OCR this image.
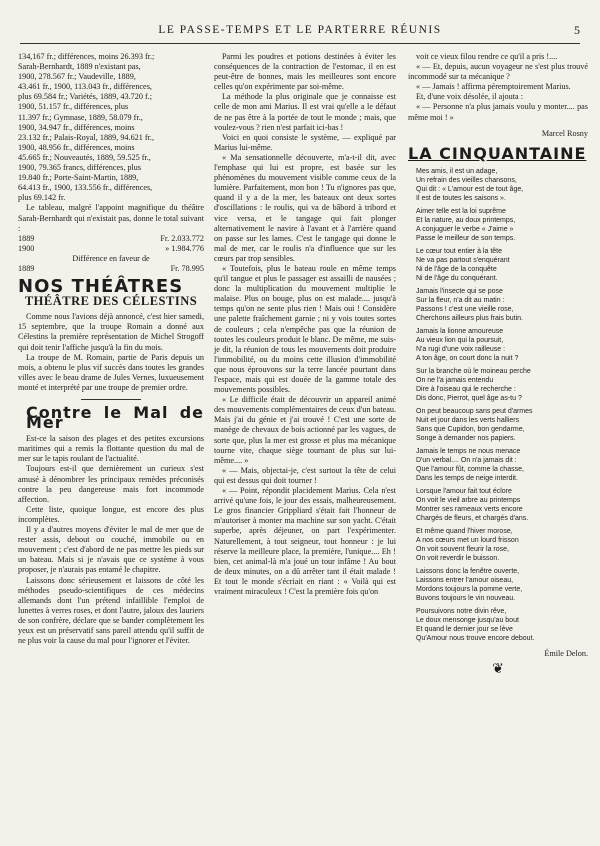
LE PASSE-TEMPS ET LE PARTERRE RÉUNIS	5

134,167 fr.; différences, moins 26.393 fr.;

Sarah-Bernhardt, 1889 n'existant pas,

1900, 278.567 fr.; Vaudeville, 1889,

43.461 fr., 1900, 113.043 fr., différences,

plus 69.584 fr.; Variétés, 1889, 43.720 f.;

1900, 51.157 fr., différences, plus

11.397 fr.; Gymnase, 1889, 58.079 fr.,

1900, 34.947 fr., différences, moins

23.132 fr.; Palais-Royal, 1889, 94.621 fr.,

1900, 48.956 fr., différences, moins

45.665 fr.; Nouveautés, 1889, 59.525 fr.,

1900, 79.365 francs, différences, plus

19.840 fr.; Porte-Saint-Martin, 1889,

64.413 fr., 1900, 133.556 fr., différences,

plus 69.142 fr.

Le tableau, malgré l'appoint magnifique du théâtre Sarah-Bernhardt qui n'existait pas, donne le total suivant :

1889	Fr. 2.033.772
1900	» 1.984.776

Différence en faveur de

1889	Fr. 78.995
NOS THÉÂTRES
THÉÂTRE DES CÉLESTINS

Comme nous l'avions déjà annoncé, c'est hier samedi, 15 septembre, que la troupe Romain a donné aux Célestins la première représentation de Michel Strogoff qui doit tenir l'affiche jusqu'à la fin du mois.

La troupe de M. Romain, partie de Paris depuis un mois, a obtenu le plus vif succès dans toutes les grandes villes avec le beau drame de Jules Vernes, luxueusement monté et interprété par une troupe de premier ordre.

Contre le Mal de Mer

Est-ce la saison des plages et des petites excursions maritimes qui a remis la flottante question du mal de mer sur le tapis roulant de l'actualité.

Toujours est-il que dernièrement un curieux s'est amusé à dénombrer les principaux remèdes préconisés contre la peu dangereuse mais fort incommode affection.

Cette liste, quoique longue, est encore des plus incomplètes.

Il y a d'autres moyens d'éviter le mal de mer que de rester assis, debout ou couché, immobile ou en mouvement ; c'est d'abord de ne pas mettre les pieds sur un bateau. Mais si je n'avais que ce système à vous proposer, je n'aurais pas entamé le chapitre.

Laissons donc sérieusement et laissons de côté les méthodes pseudo-scientifiques de ces médecins allemands dont l'un prétend infaillible l'emploi de lunettes à verres roses, et dont l'autre, jaloux des lauriers de son confrère, déclare que se bander complètement les yeux est un préservatif sans pareil attendu qu'il suffit de ne plus voir la cause du mal pour l'ignorer et l'éviter.

Parmi les poudres et potions destinées à éviter les conséquences de la contraction de l'estomac, il en est peut-être de bonnes, mais les meilleures sont encore celles qu'on expérimente par soi-même.

La méthode la plus originale que je connaisse est celle de mon ami Marius. Il est vrai qu'elle a le défaut de ne pas être à la portée de tout le monde ; mais, que voulez-vous ? rien n'est parfait ici-bas !

Voici en quoi consiste le système, — expliqué par Marius lui-même.

« Ma sensationnelle découverte, m'a-t-il dit, avec l'emphase qui lui est propre, est basée sur les phénomènes du mouvement visible comme ceux de la lumière. Parfaitement, mon bon ! Tu n'ignores pas que, quand il y a de la mer, les bateaux ont deux sortes d'oscillations : le roulis, qui va de bâbord à tribord et vice versa, et le tangage qui fait plonger alternativement le navire à l'avant et à l'arrière quand on passe sur les lames. C'est le tangage qui donne le mal de mer, car le roulis n'a d'influence que sur les cœurs par trop sensibles.

« Toutefois, plus le bateau roule en même temps qu'il tangue et plus le passager est assailli de nausées ; donc la multiplication du mouvement multiplie le malaise. Plus on bouge, plus on est malade.... jusqu'à temps qu'on ne sente plus rien ! Mais oui ! Considère une palette fraîchement garnie ; ni y vois toutes sortes de couleurs ; cela n'empêche pas que la réunion de toutes les couleurs produit le blanc. De même, me suis-je dit, la réunion de tous les mouvements doit produire l'immobilité, ou du moins cette illusion d'immobilité que nous éprouvons sur la terre lancée pourtant dans l'espace, mais qui est douée de la gamme totale des mouvements possibles.

« Le difficile était de découvrir un appareil animé des mouvements complémentaires de ceux d'un bateau. Mais j'ai du génie et j'ai trouvé ! C'est une sorte de manège de chevaux de bois actionné par les vagues, de sorte que, plus la mer est grosse et plus ma mécanique tourne vite, chaque siège tournant de plus sur lui-même.... »

« — Mais, objectai-je, c'est surtout la tête de celui qui est dessus qui doit tourner !

« — Point, répondit placidement Marius. Cela n'est arrivé qu'une fois, le jour des essais, malheureusement. Le gros financier Grippliard s'était fait l'honneur de m'autoriser à monter ma machine sur son yacht. C'était superbe, après déjeuner, on part l'expérimenter. Naturellement, à tout seigneur, tout honneur : je lui réserve la meilleure place, la première, l'unique.... Eh ! bien, cet animal-là m'a joué un tour infâme ! Au bout de deux minutes, on a dû arrêter tant il était malade ! Et tout le monde s'écriait en riant : « Voilà qui est vraiment miraculeux ! C'est la première fois qu'on

voit ce vieux filou rendre ce qu'il a pris !....

« — Et, depuis, aucun voyageur ne s'est plus trouvé incommodé sur ta mécanique ?

« — Jamais ! affirma péremptoirement Marius.

Et, d'une voix désolée, il ajouta :

« — Personne n'a plus jamais voulu y monter.... pas même moi ! »

Marcel Rosny
LA CINQUANTAINE
Mes amis, il est un adage,
Un refrain des vieilles chansons,
Qui dit : « L'amour est de tout âge,
Il est de toutes les saisons ».
Aimer telle est la loi suprême
Et la nature, au doux printemps,
A conjuguer le verbe « J'aime »
Passe le meilleur de son temps.
Le cœur tout entier à la tête
Ne va pas partout s'enquérant
Ni de l'âge de la conquête
Ni de l'âge du conquérant.
Jamais l'insecte qui se pose
Sur la fleur, n'a dit au matin :
Passons ! c'est une vieille rose,
Cherchons ailleurs plus frais butin.
Jamais la lionne amoureuse
Au vieux lion qui la poursuit,
N'a rugi d'une voix railleuse :
A ton âge, on court donc la nuit ?
Sur la branche où le moineau perche
On ne l'a jamais entendu
Dire à l'oiseau qui le recherche :
Dis donc, Pierrot, quel âge as-tu ?
On peut beaucoup sans peut d'armes
Nuit et jour dans les verts halliers
Sans que Cupidon, bon gendarme,
Songe à demander nos papiers.
Jamais le temps ne nous menace
D'un verbal.... On n'a jamais dit :
Que l'amour fût, comme la chasse,
Dans les temps de neige interdit.
Lorsque l'amour fait tout éclore
On voit le vieil arbre au printemps
Montrer ses rameaux verts encore
Chargés de fleurs, et chargés d'ans.
Et même quand l'hiver morose,
A nos cœurs met un lourd frisson
On voit souvent fleurir la rose,
On voit reverdir le buisson.
Laissons donc la fenêtre ouverte,
Laissons entrer l'amour oiseau,
Mordons toujours la pomme verte,
Buvons toujours le vin nouveau.
Poursuivons notre divin rêve,
Le doux mensonge jusqu'au bout
Et quand le dernier jour se lève
Qu'Amour nous trouve encore debout.
Émile Delon.
❦
